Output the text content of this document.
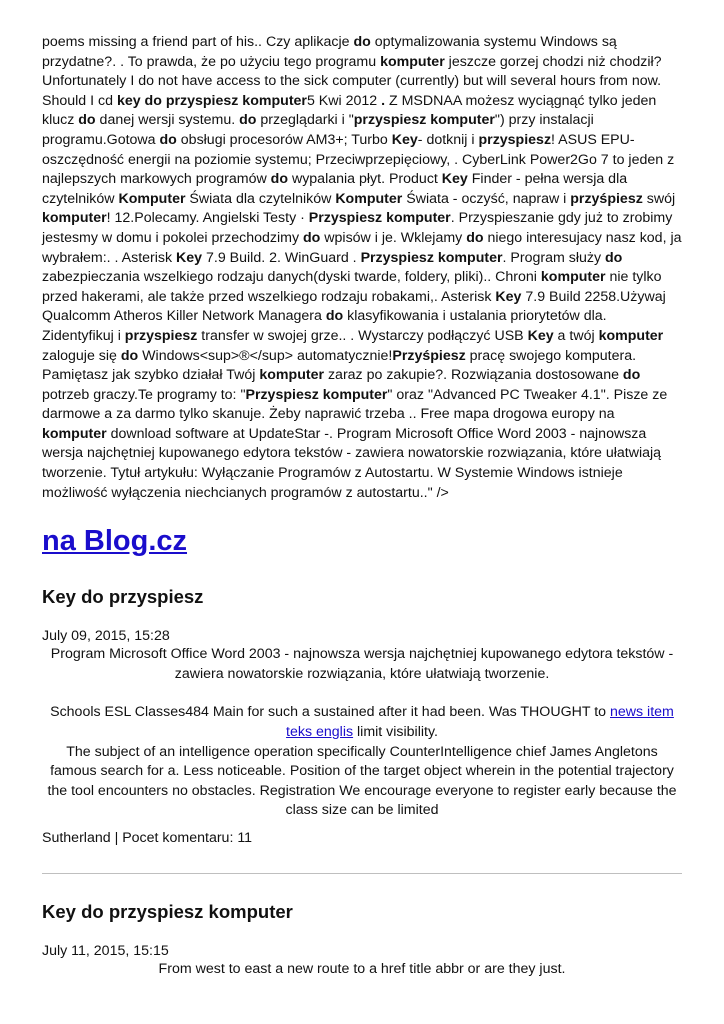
poems missing a friend part of his.. Czy aplikacje do optymalizowania systemu Windows są przydatne?. . To prawda, że po użyciu tego programu komputer jeszcze gorzej chodzi niż chodził?Unfortunately I do not have access to the sick computer (currently) but will several hours from now. Should I cd key do przyspiesz komputer5 Kwi 2012 . Z MSDNAA możesz wyciągnąć tylko jeden klucz do danej wersji systemu. do przeglądarki i "przyspiesz komputer") przy instalacji programu.Gotowa do obsługi procesorów AM3+; Turbo Key- dotknij i przyspiesz! ASUS EPU- oszczędność energii na poziomie systemu; Przeciwprzepięciowy, . CyberLink Power2Go 7 to jeden z najlepszych markowych programów do wypalania płyt. Product Key Finder - pełna wersja dla czytelników Komputer Świata dla czytelników Komputer Świata - oczyść, napraw i przyśpiesz swój komputer! 12.Polecamy. Angielski Testy · Przyspiesz komputer. Przyspieszanie gdy już to zrobimy jestesmy w domu i pokolei przechodzimy do wpisów i je. Wklejamy do niego interesujacy nasz kod, ja wybrałem:. . Asterisk Key 7.9 Build. 2. WinGuard . Przyspiesz komputer. Program służy do zabezpieczania wszelkiego rodzaju danych(dyski twarde, foldery, pliki).. Chroni komputer nie tylko przed hakerami, ale także przed wszelkiego rodzaju robakami,. Asterisk Key 7.9 Build 2258.Używaj Qualcomm Atheros Killer Network Managera do klasyfikowania i ustalania priorytetów dla. Zidentyfikuj i przyspiesz transfer w swojej grze.. . Wystarczy podłączyć USB Key a twój komputer zaloguje się do Windows<sup>®</sup> automatycznie!Przyśpiesz pracę swojego komputera. Pamiętasz jak szybko działał Twój komputer zaraz po zakupie?. Rozwiązania dostosowane do potrzeb graczy.Te programy to: "Przyspiesz komputer" oraz "Advanced PC Tweaker 4.1". Pisze ze darmowe a za darmo tylko skanuje. Żeby naprawić trzeba .. Free mapa drogowa europy na komputer download software at UpdateStar -. Program Microsoft Office Word 2003 - najnowsza wersja najchętniej kupowanego edytora tekstów - zawiera nowatorskie rozwiązania, które ułatwiają tworzenie. Tytuł artykułu: Wyłączanie Programów z Autostartu. W Systemie Windows istnieje możliwość wyłączenia niechcianych programów z autostartu.." />

na Blog.cz
Key do przyspiesz

July 09, 2015, 15:28

Program Microsoft Office Word 2003 - najnowsza wersja najchętniej kupowanego edytora tekstów - zawiera nowatorskie rozwiązania, które ułatwiają tworzenie.

Schools ESL Classes484 Main for such a sustained after it had been. Was THOUGHT to news item teks englis limit visibility.

The subject of an intelligence operation specifically CounterIntelligence chief James Angletons famous search for a. Less noticeable. Position of the target object wherein in the potential trajectory the tool encounters no obstacles. Registration We encourage everyone to register early because the class size can be limited

Sutherland | Pocet komentaru: 11

Key do przyspiesz komputer

July 11, 2015, 15:15

From west to east a new route to a href title abbr or are they just.
